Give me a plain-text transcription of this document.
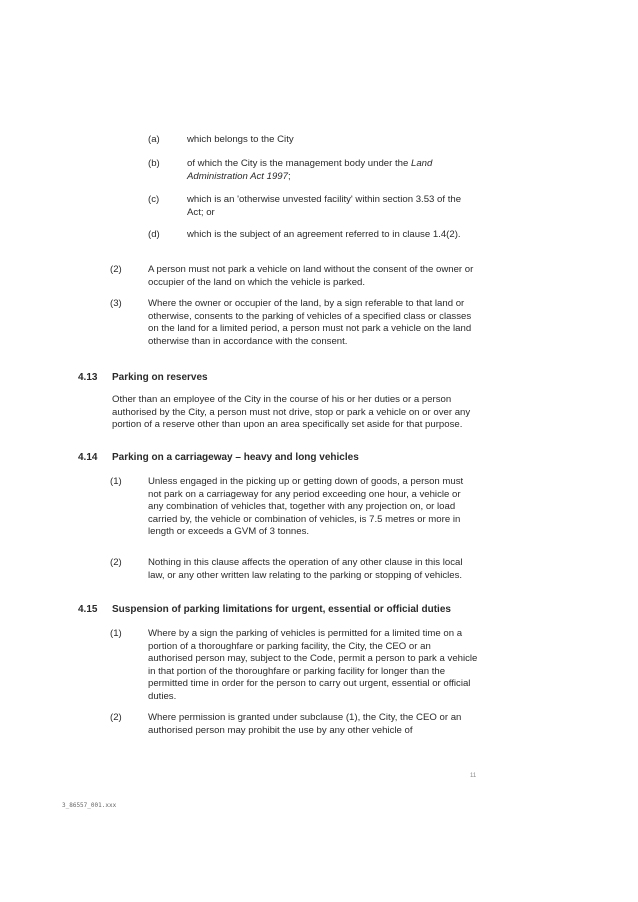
(a)	which belongs to the City
(b)	of which the City is the management body under the Land Administration Act 1997;
(c)	which is an 'otherwise unvested facility' within section 3.53 of the Act; or
(d)	which is the subject of an agreement referred to in clause 1.4(2).
(2)	A person must not park a vehicle on land without the consent of the owner or occupier of the land on which the vehicle is parked.
(3)	Where the owner or occupier of the land, by a sign referable to that land or otherwise, consents to the parking of vehicles of a specified class or classes on the land for a limited period, a person must not park a vehicle on the land otherwise than in accordance with the consent.
4.13 Parking on reserves
Other than an employee of the City in the course of his or her duties or a person authorised by the City, a person must not drive, stop or park a vehicle on or over any portion of a reserve other than upon an area specifically set aside for that purpose.
4.14 Parking on a carriageway – heavy and long vehicles
(1)	Unless engaged in the picking up or getting down of goods, a person must not park on a carriageway for any period exceeding one hour, a vehicle or any combination of vehicles that, together with any projection on, or load carried by, the vehicle or combination of vehicles, is 7.5 metres or more in length or exceeds a GVM of 3 tonnes.
(2)	Nothing in this clause affects the operation of any other clause in this local law, or any other written law relating to the parking or stopping of vehicles.
4.15 Suspension of parking limitations for urgent, essential or official duties
(1)	Where by a sign the parking of vehicles is permitted for a limited time on a portion of a thoroughfare or parking facility, the City, the CEO or an authorised person may, subject to the Code, permit a person to park a vehicle in that portion of the thoroughfare or parking facility for longer than the permitted time in order for the person to carry out urgent, essential or official duties.
(2)	Where permission is granted under subclause (1), the City, the CEO or an authorised person may prohibit the use by any other vehicle of
11
3_86557_001.xxx
